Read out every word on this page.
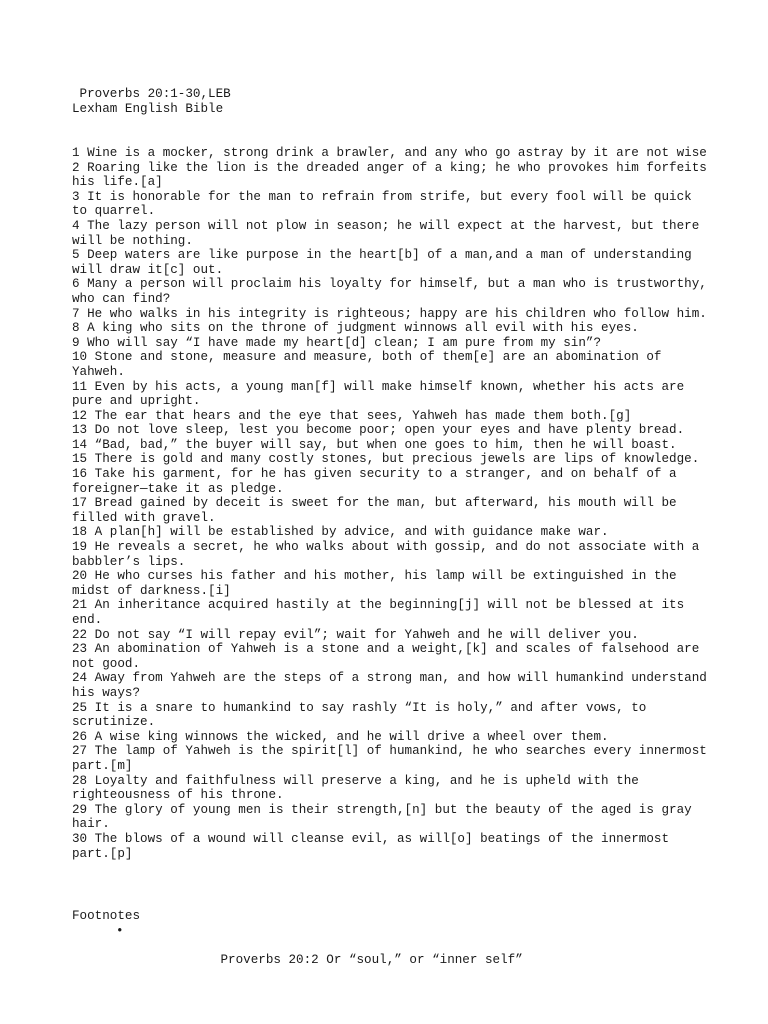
Proverbs 20:1-30,LEB
Lexham English Bible
1 Wine is a mocker, strong drink a brawler, and any who go astray by it are not wise
2 Roaring like the lion is the dreaded anger of a king; he who provokes him forfeits his life.[a]
3 It is honorable for the man to refrain from strife, but every fool will be quick to quarrel.
4 The lazy person will not plow in season; he will expect at the harvest, but there will be nothing.
5 Deep waters are like purpose in the heart[b] of a man,and a man of understanding will draw it[c] out.
6 Many a person will proclaim his loyalty for himself, but a man who is trustworthy, who can find?
7 He who walks in his integrity is righteous; happy are his children who follow him.
8 A king who sits on the throne of judgment winnows all evil with his eyes.
9 Who will say “I have made my heart[d] clean; I am pure from my sin”?
10 Stone and stone, measure and measure, both of them[e] are an abomination of Yahweh.
11 Even by his acts, a young man[f] will make himself known, whether his acts are pure and upright.
12 The ear that hears and the eye that sees, Yahweh has made them both.[g]
13 Do not love sleep, lest you become poor; open your eyes and have plenty bread.
14 “Bad, bad,” the buyer will say, but when one goes to him, then he will boast.
15 There is gold and many costly stones, but precious jewels are lips of knowledge.
16 Take his garment, for he has given security to a stranger, and on behalf of a foreigner—take it as pledge.
17 Bread gained by deceit is sweet for the man, but afterward, his mouth will be filled with gravel.
18 A plan[h] will be established by advice, and with guidance make war.
19 He reveals a secret, he who walks about with gossip, and do not associate with a babbler’s lips.
20 He who curses his father and his mother, his lamp will be extinguished in the midst of darkness.[i]
21 An inheritance acquired hastily at the beginning[j] will not be blessed at its end.
22 Do not say “I will repay evil”; wait for Yahweh and he will deliver you.
23 An abomination of Yahweh is a stone and a weight,[k] and scales of falsehood are not good.
24 Away from Yahweh are the steps of a strong man, and how will humankind understand his ways?
25 It is a snare to humankind to say rashly “It is holy,” and after vows, to scrutinize.
26 A wise king winnows the wicked, and he will drive a wheel over them.
27 The lamp of Yahweh is the spirit[l] of humankind, he who searches every innermost part.[m]
28 Loyalty and faithfulness will preserve a king, and he is upheld with the righteousness of his throne.
29 The glory of young men is their strength,[n] but the beauty of the aged is gray hair.
30 The blows of a wound will cleanse evil, as will[o] beatings of the innermost part.[p]
Footnotes

•

Proverbs 20:2 Or “soul,” or “inner self”
